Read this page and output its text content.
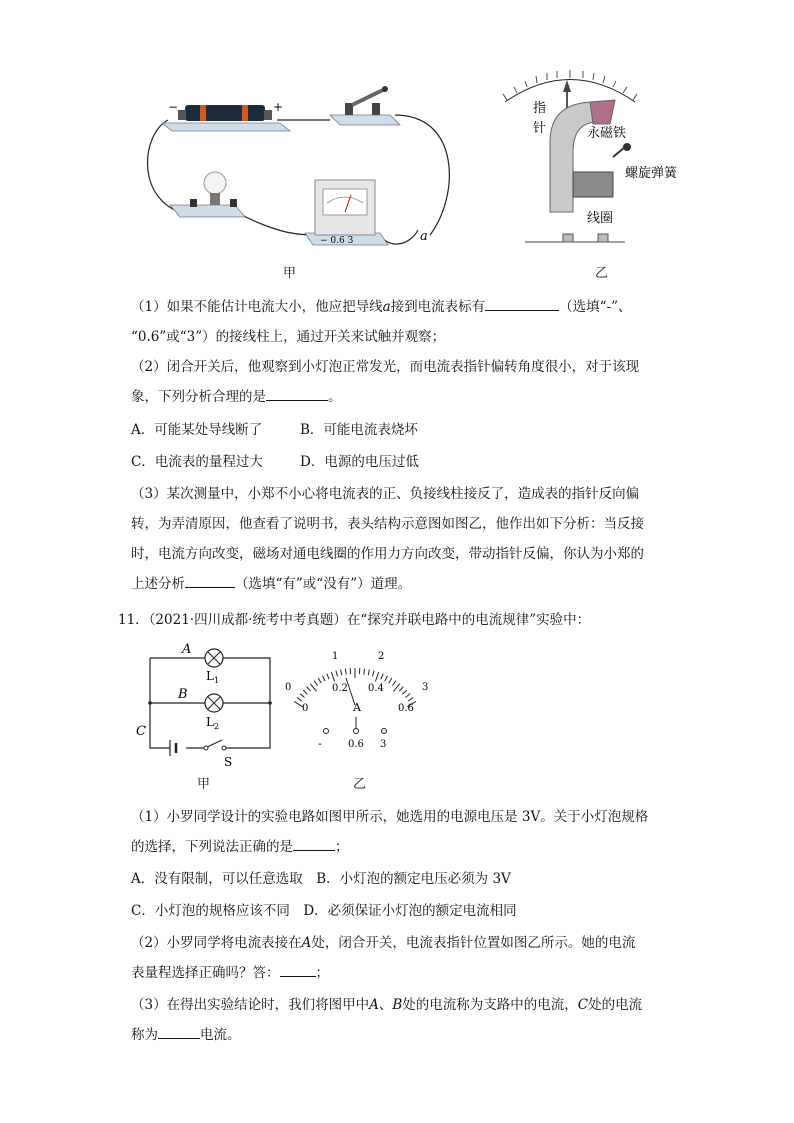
−	+
− 0.6 3	a
甲
指
针	永磁铁
螺旋弹簧
线圈
乙
（1）如果不能估计电流大小，他应把导线a接到电流表标有	（选填“-”、
“0.6”或“3”）的接线柱上，通过开关来试触并观察；
（2）闭合开关后，他观察到小灯泡正常发光，而电流表指针偏转角度很小，对于该现
象，下列分析合理的是	。
A．可能某处导线断了	B．可能电流表烧坏
C．电流表的量程过大	D．电源的电压过低
（3）某次测量中，小郑不小心将电流表的正、负接线柱接反了，造成表的指针反向偏
转，为弄清原因，他查看了说明书，表头结构示意图如图乙，他作出如下分析：当反接
时，电流方向改变，磁场对通电线圈的作用力方向改变，带动指针反偏，你认为小郑的
上述分析	（选填“有”或“没有”）道理。
11．（2021·四川成都·统考中考真题）在“探究并联电路中的电流规律”实验中：
A
B
C
L 1
L 2
S
甲
1	2
3
0	0.2 0.4
0.6
0	A
-	0.6 3
乙
（1）小罗同学设计的实验电路如图甲所示，她选用的电源电压是 3V。关于小灯泡规格
的选择，下列说法正确的是	；
A．没有限制，可以任意选取　B．小灯泡的额定电压必须为 3V
C．小灯泡的规格应该不同　D．必须保证小灯泡的额定电流相同
（2）小罗同学将电流表接在A处，闭合开关，电流表指针位置如图乙所示。她的电流
表量程选择正确吗？答：	；
（3）在得出实验结论时，我们将图甲中A、B处的电流称为支路中的电流，C处的电流
称为	电流。
